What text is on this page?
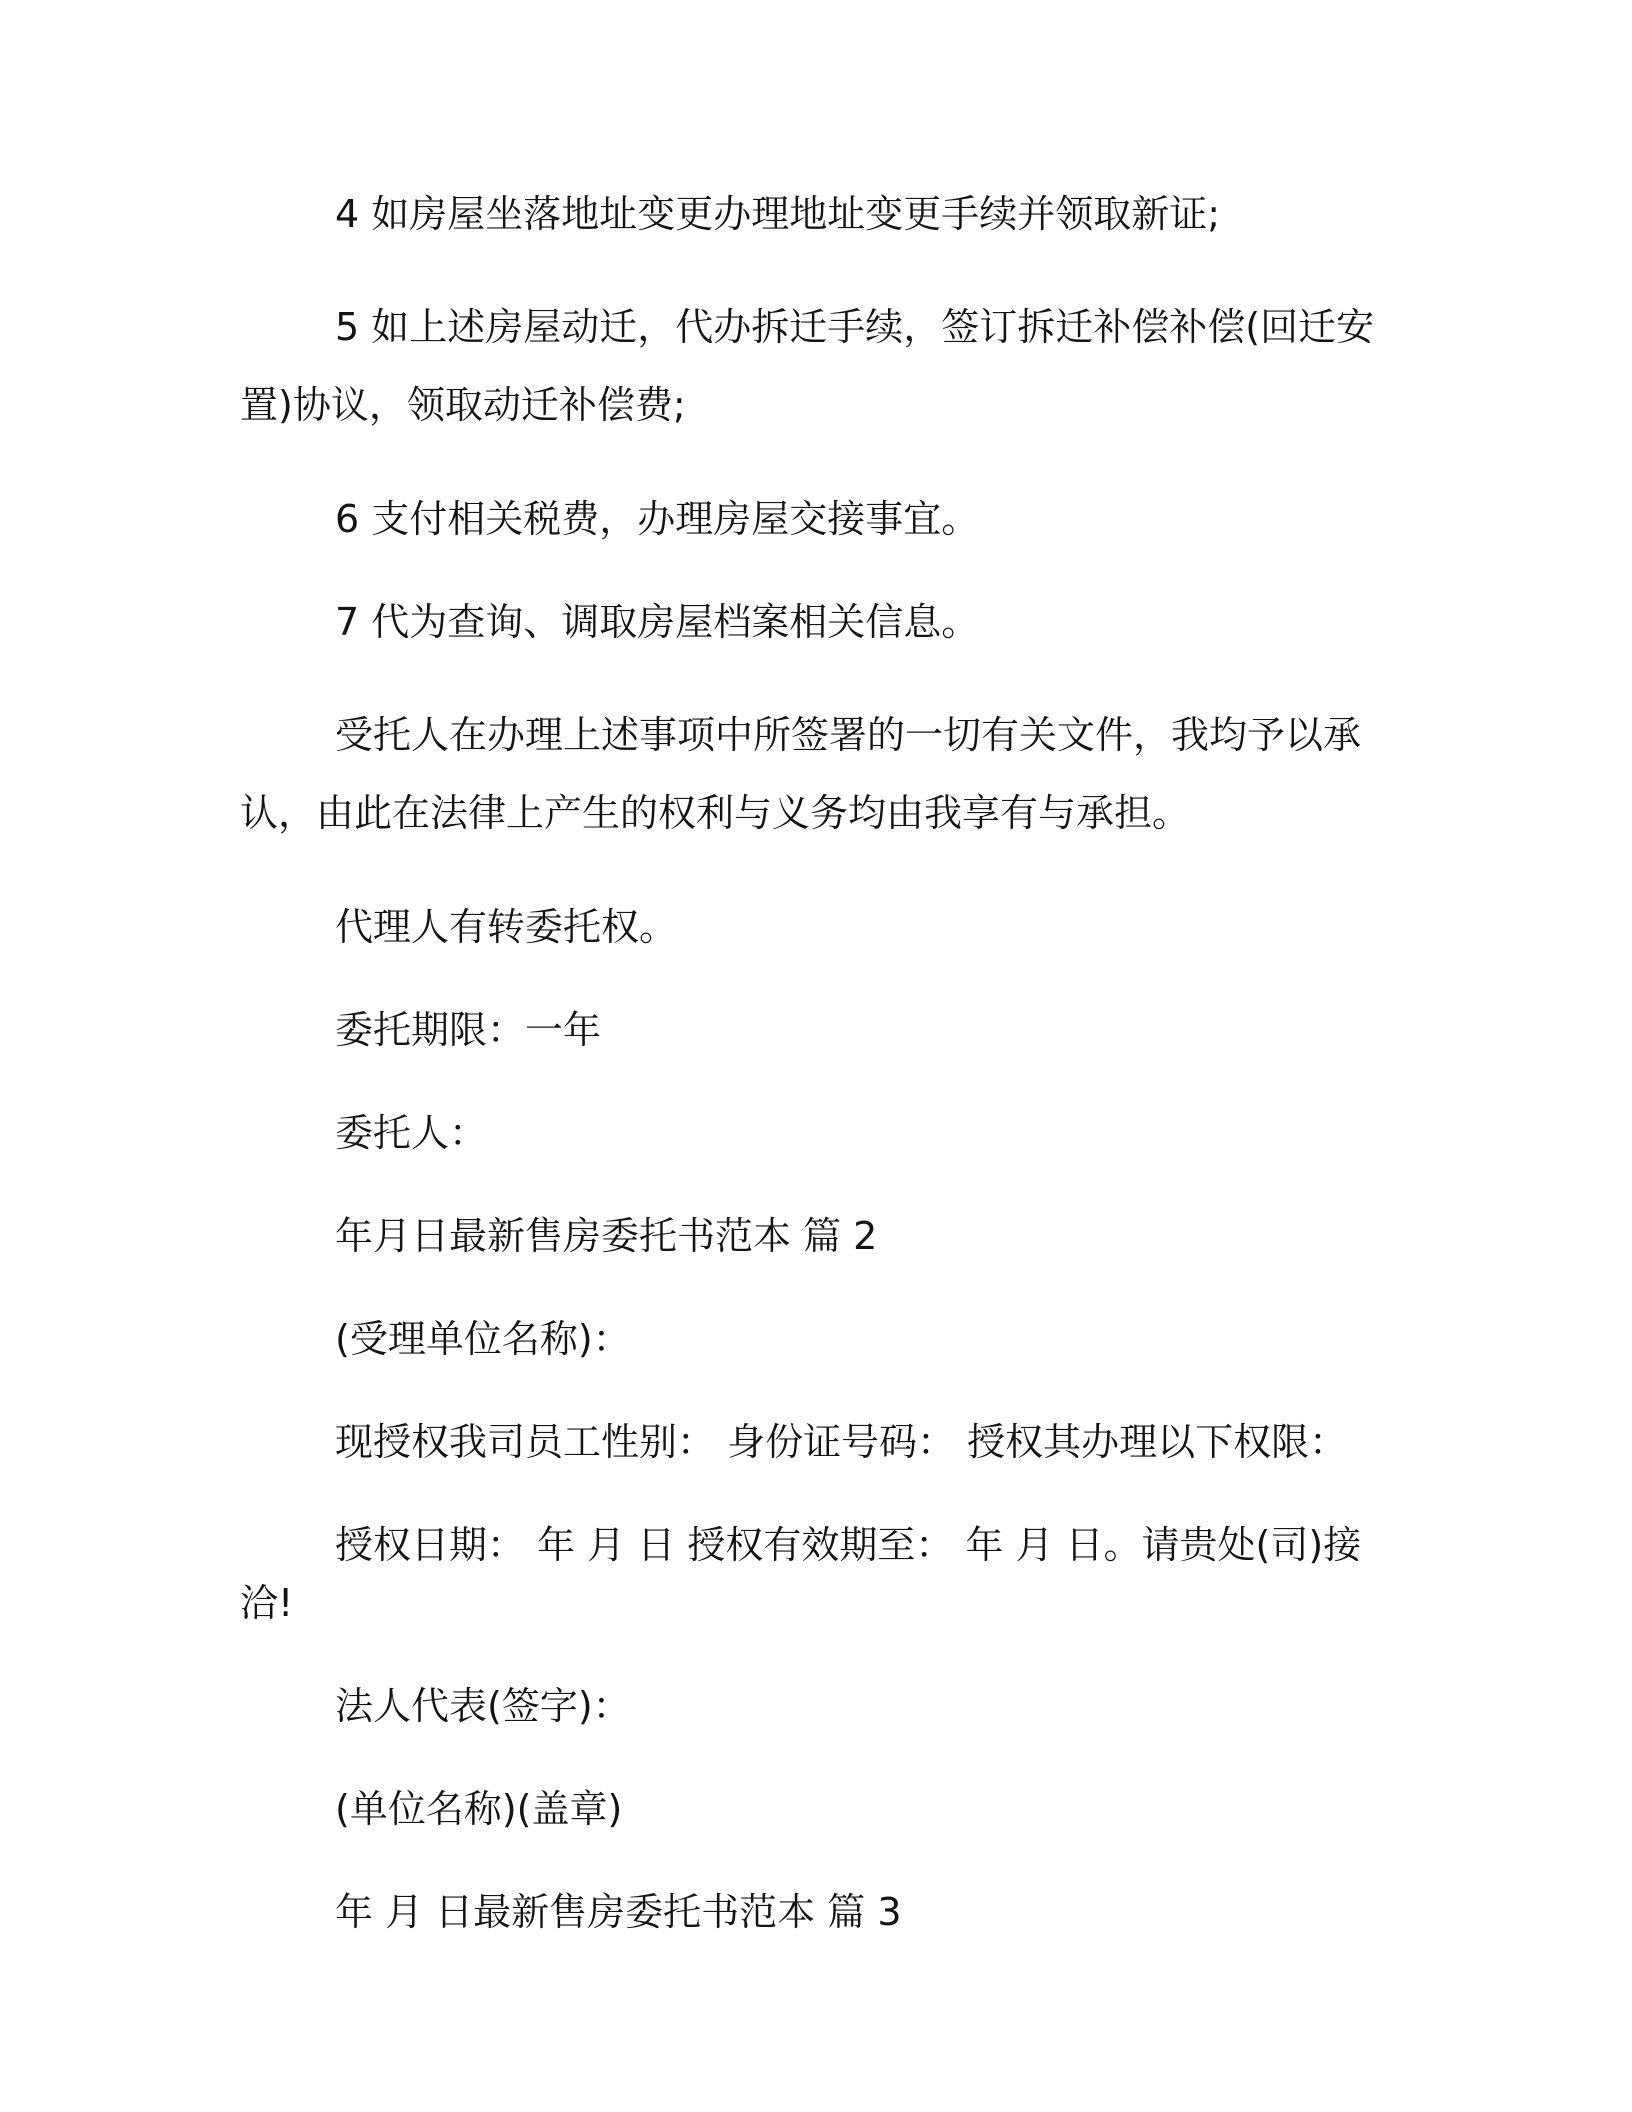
4 如房屋坐落地址变更办理地址变更手续并领取新证;

5 如上述房屋动迁，代办拆迁手续，签订拆迁补偿补偿(回迁安置)协议，领取动迁补偿费;

6 支付相关税费，办理房屋交接事宜。

7 代为查询、调取房屋档案相关信息。

受托人在办理上述事项中所签署的一切有关文件，我均予以承认，由此在法律上产生的权利与义务均由我享有与承担。

代理人有转委托权。

委托期限：一年

委托人：

年月日最新售房委托书范本 篇 2

(受理单位名称)：

现授权我司员工性别： 身份证号码： 授权其办理以下权限：

授权日期： 年 月 日 授权有效期至： 年 月 日。请贵处(司)接洽!

法人代表(签字)：

(单位名称)(盖章)

年 月 日最新售房委托书范本 篇 3
